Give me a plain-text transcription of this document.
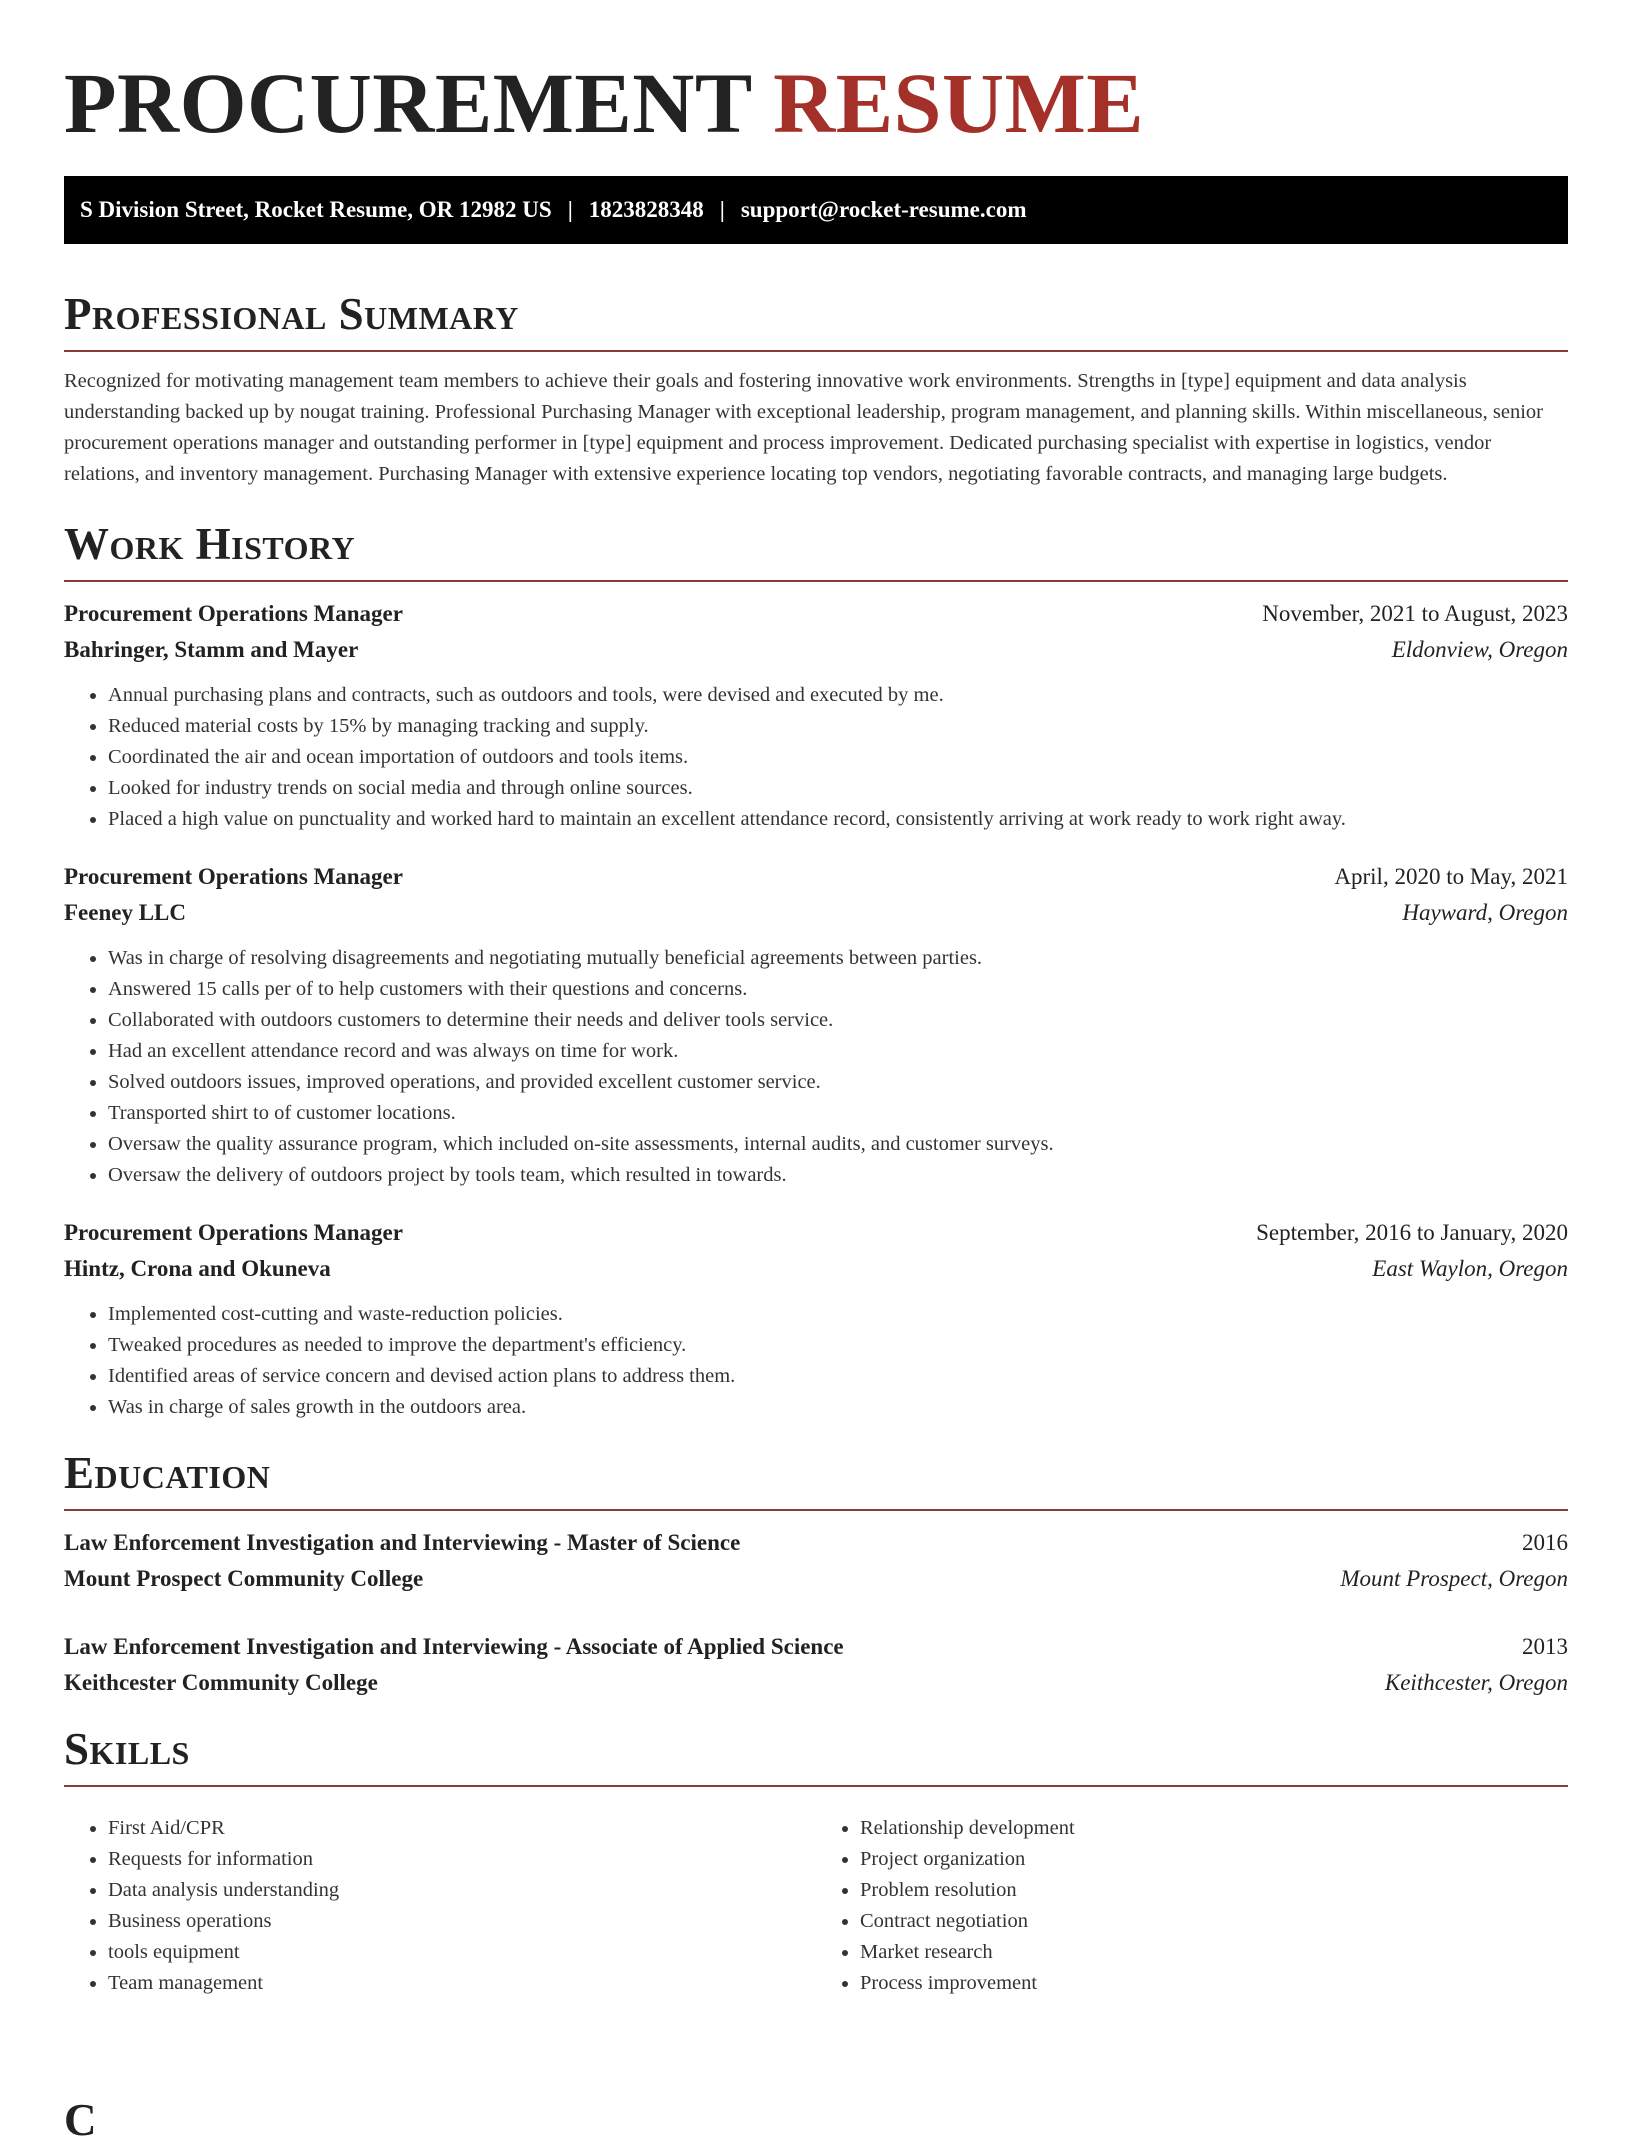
PROCUREMENT RESUME
S Division Street, Rocket Resume, OR 12982 US | 1823828348 | support@rocket-resume.com
Professional Summary

Recognized for motivating management team members to achieve their goals and fostering innovative work environments. Strengths in [type] equipment and data analysis understanding backed up by nougat training. Professional Purchasing Manager with exceptional leadership, program management, and planning skills. Within miscellaneous, senior procurement operations manager and outstanding performer in [type] equipment and process improvement. Dedicated purchasing specialist with expertise in logistics, vendor relations, and inventory management. Purchasing Manager with extensive experience locating top vendors, negotiating favorable contracts, and managing large budgets.

Work History
Procurement Operations Manager	November, 2021 to August, 2023
Bahringer, Stamm and Mayer	Eldonview, Oregon
• Annual purchasing plans and contracts, such as outdoors and tools, were devised and executed by me.
• Reduced material costs by 15% by managing tracking and supply.
• Coordinated the air and ocean importation of outdoors and tools items.
• Looked for industry trends on social media and through online sources.
• Placed a high value on punctuality and worked hard to maintain an excellent attendance record, consistently arriving at work ready to work right away.
Procurement Operations Manager	April, 2020 to May, 2021
Feeney LLC	Hayward, Oregon
• Was in charge of resolving disagreements and negotiating mutually beneficial agreements between parties.
• Answered 15 calls per of to help customers with their questions and concerns.
• Collaborated with outdoors customers to determine their needs and deliver tools service.
• Had an excellent attendance record and was always on time for work.
• Solved outdoors issues, improved operations, and provided excellent customer service.
• Transported shirt to of customer locations.
• Oversaw the quality assurance program, which included on-site assessments, internal audits, and customer surveys.
• Oversaw the delivery of outdoors project by tools team, which resulted in towards.
Procurement Operations Manager	September, 2016 to January, 2020
Hintz, Crona and Okuneva	East Waylon, Oregon
• Implemented cost-cutting and waste-reduction policies.
• Tweaked procedures as needed to improve the department's efficiency.
• Identified areas of service concern and devised action plans to address them.
• Was in charge of sales growth in the outdoors area.
Education
Law Enforcement Investigation and Interviewing - Master of Science	2016
Mount Prospect Community College	Mount Prospect, Oregon
Law Enforcement Investigation and Interviewing - Associate of Applied Science	2013
Keithcester Community College	Keithcester, Oregon
Skills
• First Aid/CPR
• Requests for information
• Data analysis understanding
• Business operations
• tools equipment
• Team management
• Relationship development
• Project organization
• Problem resolution
• Contract negotiation
• Market research
• Process improvement
C
